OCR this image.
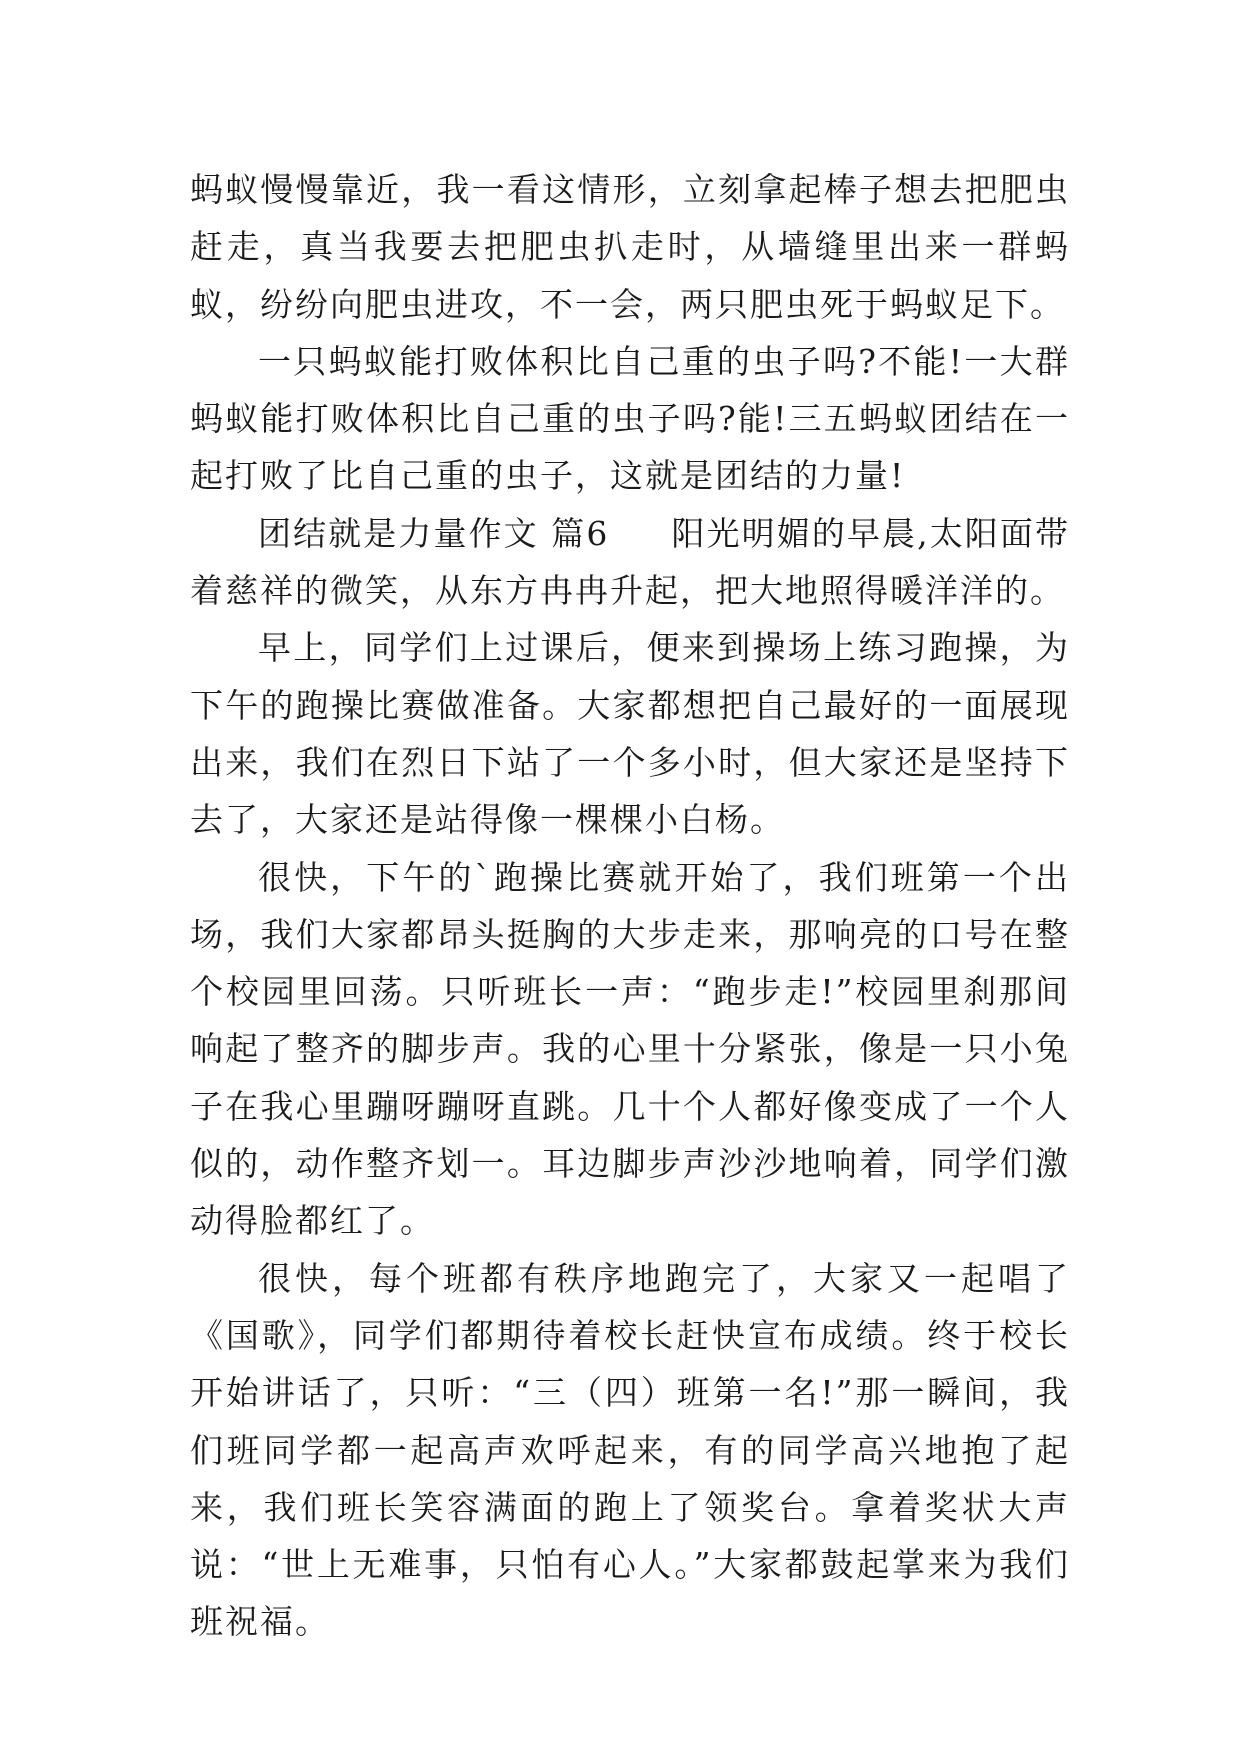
蚂蚁慢慢靠近，我一看这情形，立刻拿起棒子想去把肥虫赶走，真当我要去把肥虫扒走时，从墙缝里出来一群蚂蚁，纷纷向肥虫进攻，不一会，两只肥虫死于蚂蚁足下。

一只蚂蚁能打败体积比自己重的虫子吗?不能!一大群蚂蚁能打败体积比自己重的虫子吗?能!三五蚂蚁团结在一起打败了比自己重的虫子，这就是团结的力量!

团结就是力量作文 篇6 阳光明媚的早晨,太阳面带着慈祥的微笑，从东方冉冉升起，把大地照得暖洋洋的。

早上，同学们上过课后，便来到操场上练习跑操，为下午的跑操比赛做准备。大家都想把自己最好的一面展现出来，我们在烈日下站了一个多小时，但大家还是坚持下去了，大家还是站得像一棵棵小白杨。

很快，下午的`跑操比赛就开始了，我们班第一个出场，我们大家都昂头挺胸的大步走来，那响亮的口号在整个校园里回荡。只听班长一声：“跑步走!”校园里刹那间响起了整齐的脚步声。我的心里十分紧张，像是一只小兔子在我心里蹦呀蹦呀直跳。几十个人都好像变成了一个人似的，动作整齐划一。耳边脚步声沙沙地响着，同学们激动得脸都红了。

很快，每个班都有秩序地跑完了，大家又一起唱了《国歌》，同学们都期待着校长赶快宣布成绩。终于校长开始讲话了，只听：“三（四）班第一名!”那一瞬间，我们班同学都一起高声欢呼起来，有的同学高兴地抱了起来，我们班长笑容满面的跑上了领奖台。拿着奖状大声说：“世上无难事，只怕有心人。”大家都鼓起掌来为我们班祝福。
